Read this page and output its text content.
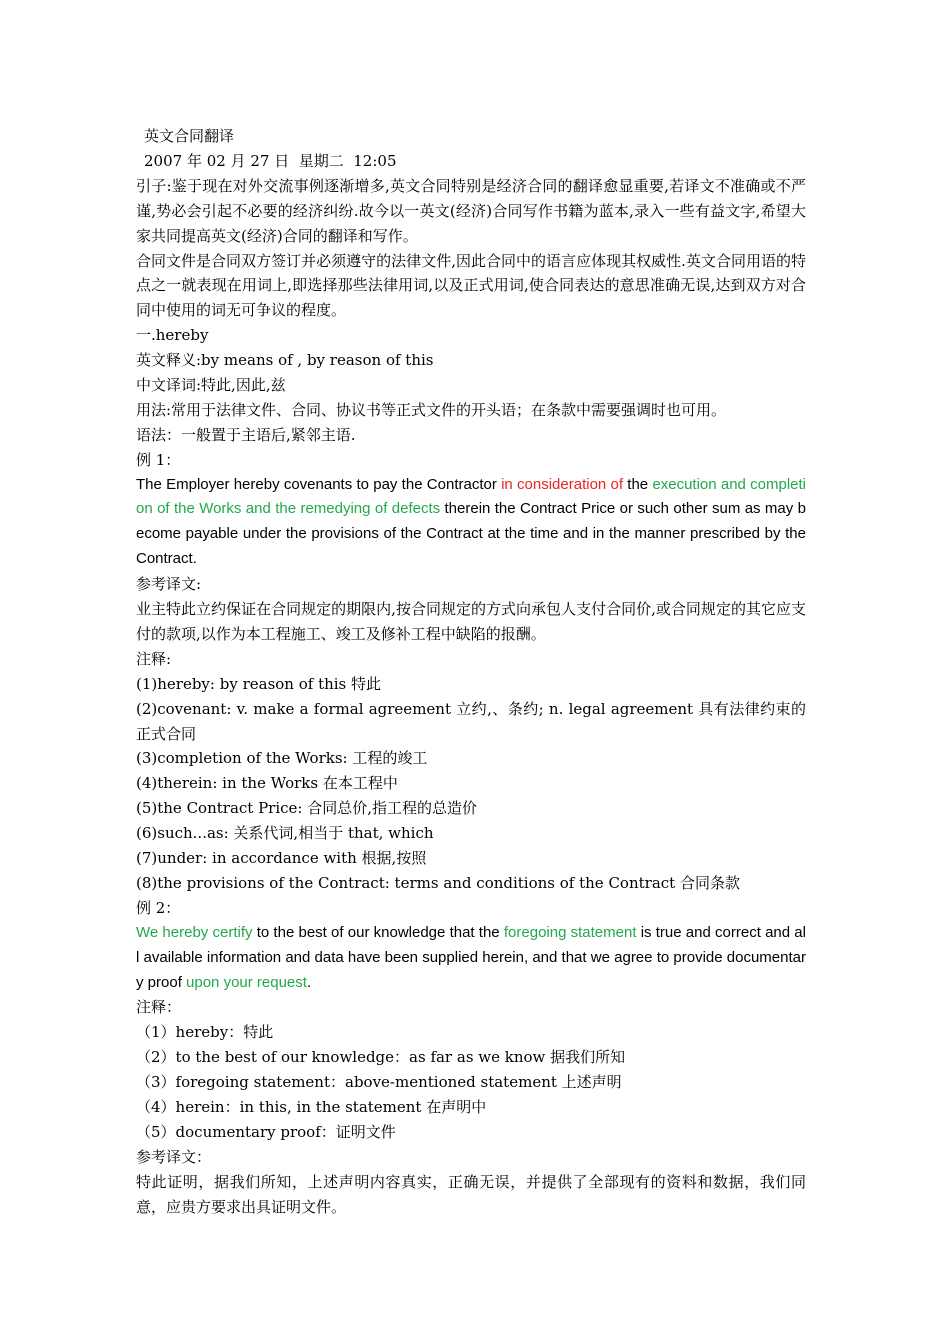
英文合同翻译
2007 年 02 月 27 日  星期二  12:05
引子:鉴于现在对外交流事例逐渐增多,英文合同特别是经济合同的翻译愈显重要,若译文不准确或不严谨,势必会引起不必要的经济纠纷.故今以一英文(经济)合同写作书籍为蓝本,录入一些有益文字,希望大家共同提高英文(经济)合同的翻译和写作。
合同文件是合同双方签订并必须遵守的法律文件,因此合同中的语言应体现其权威性.英文合同用语的特点之一就表现在用词上,即选择那些法律用词,以及正式用词,使合同表达的意思准确无误,达到双方对合同中使用的词无可争议的程度。
一.hereby
英文释义:by means of , by reason of this
中文译词:特此,因此,兹
用法:常用于法律文件、合同、协议书等正式文件的开头语；在条款中需要强调时也可用。
语法：一般置于主语后,紧邻主语.
例 1：
The Employer hereby covenants to pay the Contractor in consideration of the execution and completion of the Works and the remedying of defects therein the Contract Price or such other sum as may become payable under the provisions of the Contract at the time and in the manner prescribed by the Contract.
参考译文:
业主特此立约保证在合同规定的期限内,按合同规定的方式向承包人支付合同价,或合同规定的其它应支付的款项,以作为本工程施工、竣工及修补工程中缺陷的报酬。
注释:
(1)hereby: by reason of this 特此
(2)covenant: v. make a formal agreement 立约,、条约; n. legal agreement 具有法律约束的正式合同
(3)completion of the Works: 工程的竣工
(4)therein: in the Works 在本工程中
(5)the Contract Price: 合同总价,指工程的总造价
(6)such...as: 关系代词,相当于 that, which
(7)under: in accordance with 根据,按照
(8)the provisions of the Contract: terms and conditions of the Contract 合同条款
例 2：
We hereby certify to the best of our knowledge that the foregoing statement is true and correct and all available information and data have been supplied herein, and that we agree to provide documentary proof upon your request.
注释：
（1）hereby：特此
（2）to the best of our knowledge：as far as we know 据我们所知
（3）foregoing statement：above-mentioned statement 上述声明
（4）herein：in this, in the statement 在声明中
（5）documentary proof：证明文件
参考译文：
特此证明，据我们所知，上述声明内容真实，正确无误，并提供了全部现有的资料和数据，我们同意，应贵方要求出具证明文件。
